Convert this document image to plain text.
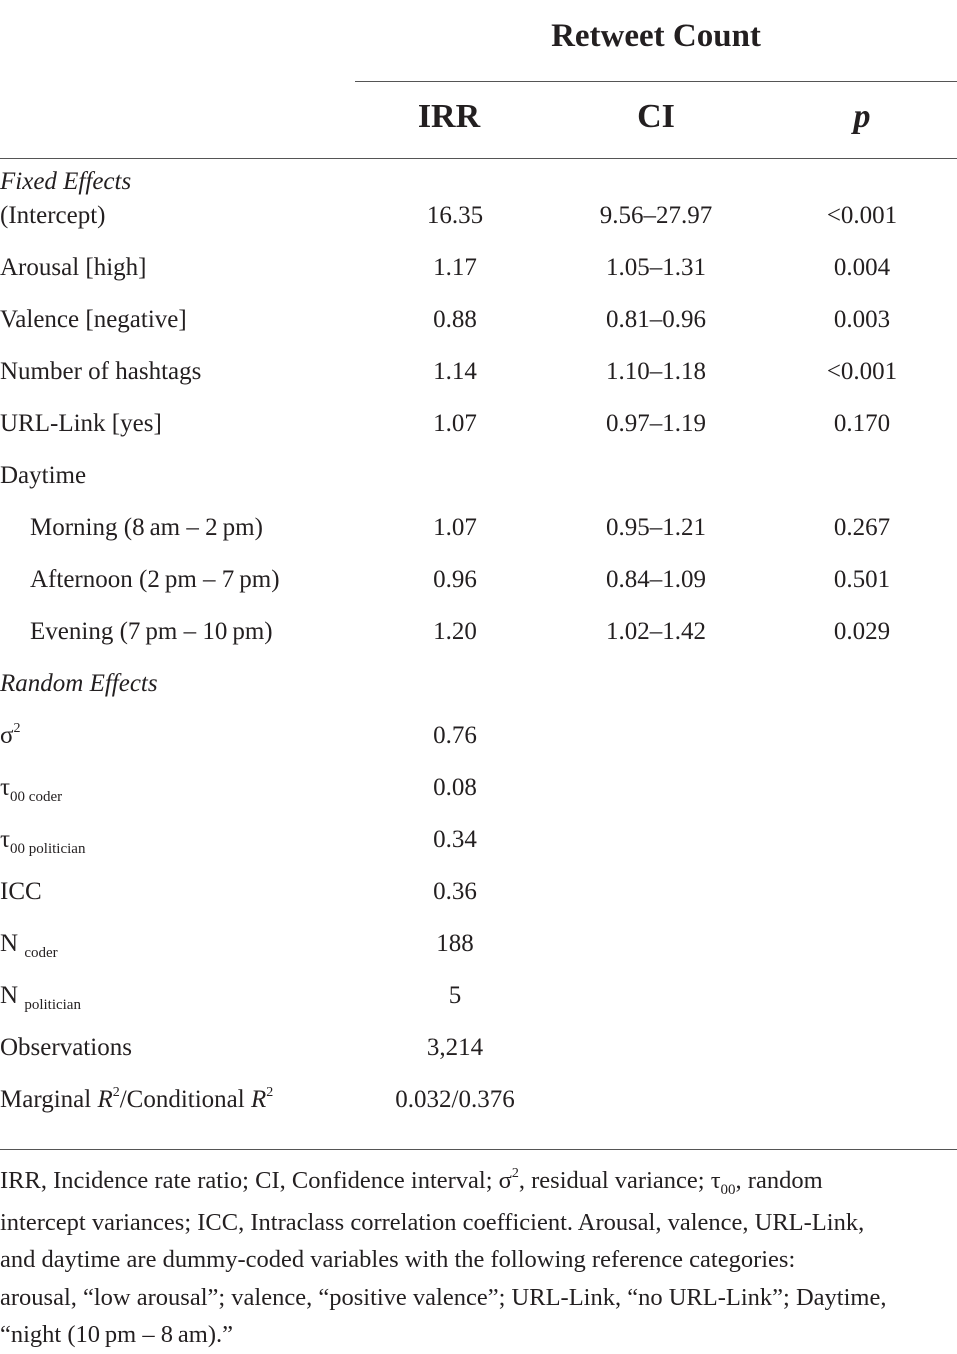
Retweet Count
IRR	CI	p
Fixed Effects
(Intercept)	16.35	9.56–27.97	<0.001
Arousal [high]	1.17	1.05–1.31	0.004
Valence [negative]	0.88	0.81–0.96	0.003
Number of hashtags	1.14	1.10–1.18	<0.001
URL-Link [yes]	1.07	0.97–1.19	0.170
Daytime
Morning (8 am – 2 pm)	1.07	0.95–1.21	0.267
Afternoon (2 pm – 7 pm)	0.96	0.84–1.09	0.501
Evening (7 pm – 10 pm)	1.20	1.02–1.42	0.029
Random Effects
$\sigma^2$	0.76
$\tau_{00 coder}$	0.08
$\tau_{00 politician}$	0.34
ICC	0.36
N $_{coder}$	188
N $_{politician}$	5
Observations	3,214
Marginal $R^2$/Conditional $R^2$	0.032/0.376
IRR, Incidence rate ratio; CI, Confidence interval; $\sigma^2$, residual variance; $\tau_{00}$, random
intercept variances; ICC, Intraclass correlation coefficient. Arousal, valence, URL-Link,
and daytime are dummy-coded variables with the following reference categories:
arousal, “low arousal”; valence, “positive valence”; URL-Link, “no URL-Link”; Daytime,
“night (10 pm – 8 am).”
